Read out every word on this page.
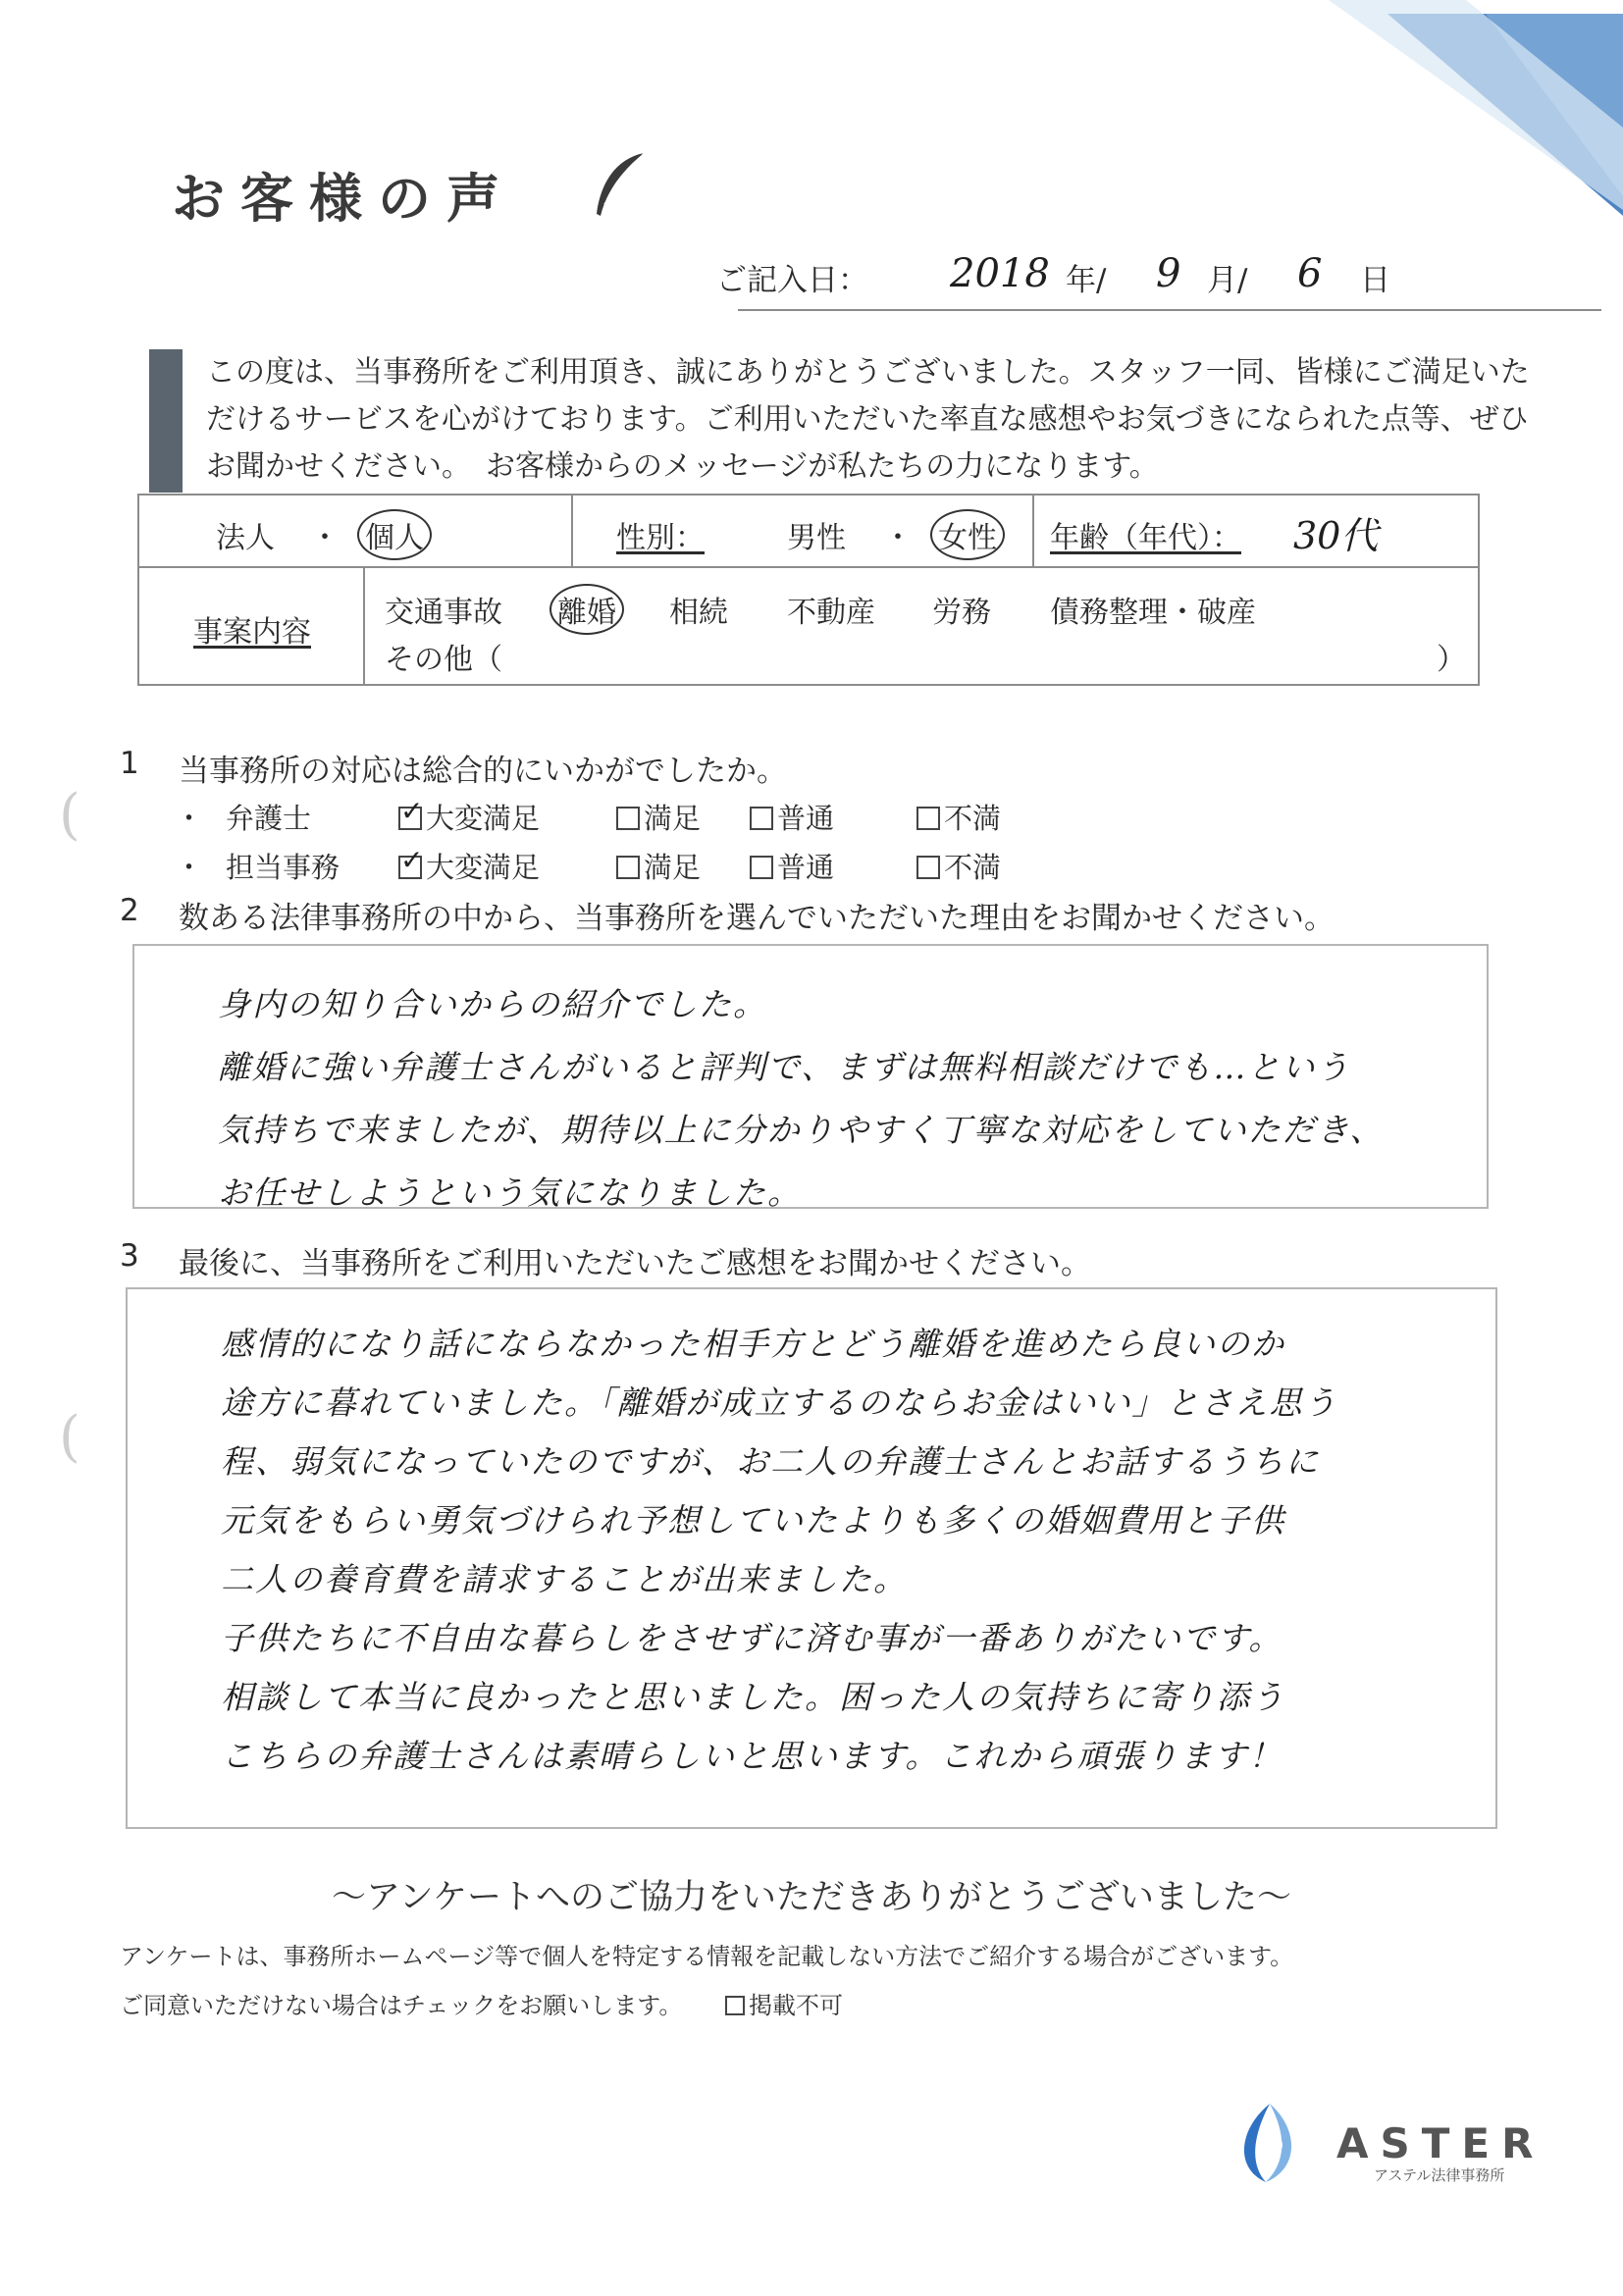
お客様の声
ご記入日： 2018 年/ 9 月/ 6 日
この度は、当事務所をご利用頂き、誠にありがとうございました。スタッフ一同、皆様にご満足いた
だけるサービスを心がけております。ご利用いただいた率直な感想やお気づきになられた点等、ぜひ
お聞かせください。　お客様からのメッセージが私たちの力になります。
法人 ・ 個人	性別：	男性 ・ 女性 年齢（年代）： 30代
事案内容
交通事故 離婚 相続 不動産 労務 債務整理・破産
その他（	）
1 当事務所の対応は総合的にいかがでしたか。
(	・ 弁護士 ✓	大変満足	満足	普通	不満
・ 担当事務 ✓	大変満足	満足	普通	不満
2 数ある法律事務所の中から、当事務所を選んでいただいた理由をお聞かせください。
身内の知り合いからの紹介でした。
離婚に強い弁護士さんがいると評判で、まずは無料相談だけでも…という
気持ちで来ましたが、期待以上に分かりやすく丁寧な対応をしていただき、
お任せしようという気になりました。
3 最後に、当事務所をご利用いただいたご感想をお聞かせください。
(
感情的になり話にならなかった相手方とどう離婚を進めたら良いのか
途方に暮れていました。「離婚が成立するのならお金はいい」とさえ思う
程、弱気になっていたのですが、お二人の弁護士さんとお話するうちに
元気をもらい勇気づけられ予想していたよりも多くの婚姻費用と子供
二人の養育費を請求することが出来ました。
子供たちに不自由な暮らしをさせずに済む事が一番ありがたいです。
相談して本当に良かったと思いました。困った人の気持ちに寄り添う
こちらの弁護士さんは素晴らしいと思います。これから頑張ります！
～アンケートへのご協力をいただきありがとうございました～
アンケートは、事務所ホームページ等で個人を特定する情報を記載しない方法でご紹介する場合がございます。
ご同意いただけない場合はチェックをお願いします。	掲載不可
ASTER
アステル法律事務所
